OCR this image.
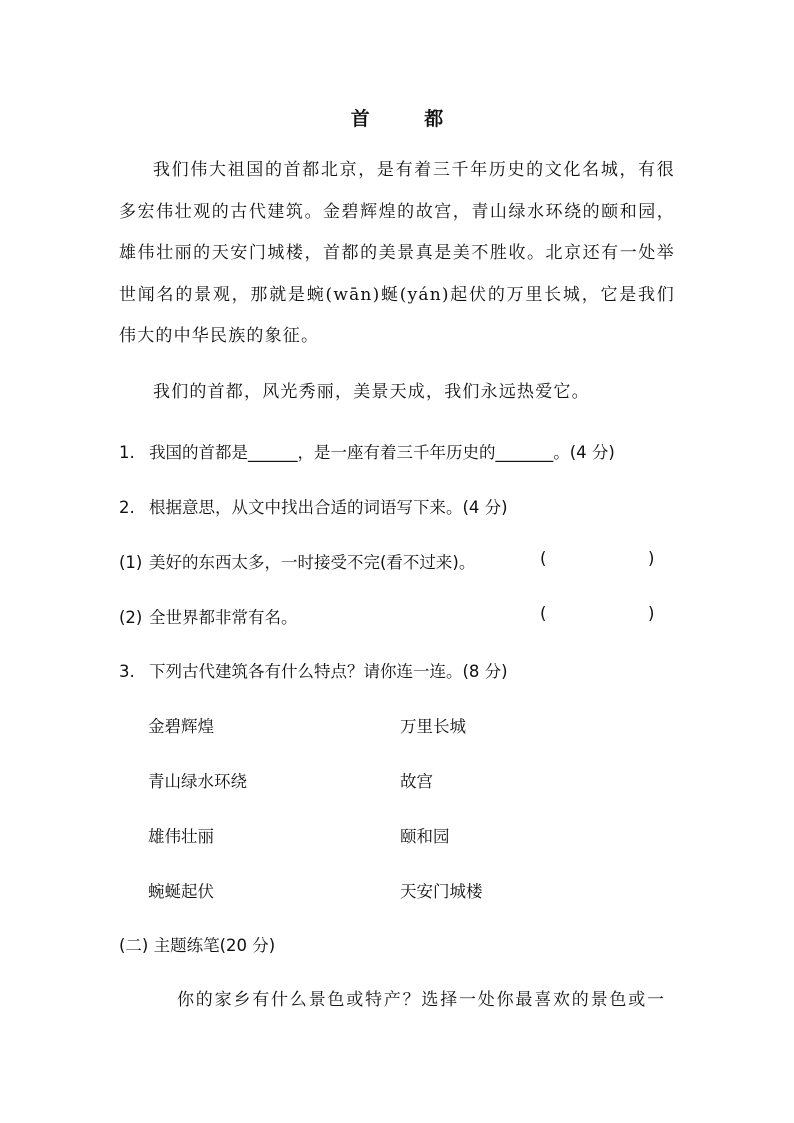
首 都
我们伟大祖国的首都北京，是有着三千年历史的文化名城，有很多宏伟壮观的古代建筑。金碧辉煌的故宫，青山绿水环绕的颐和园，雄伟壮丽的天安门城楼，首都的美景真是美不胜收。北京还有一处举世闻名的景观，那就是蜿(wān)蜒(yán)起伏的万里长城，它是我们伟大的中华民族的象征。
我们的首都，风光秀丽，美景天成，我们永远热爱它。
1. 我国的首都是______，是一座有着三千年历史的_______。(4 分)
2. 根据意思，从文中找出合适的词语写下来。(4 分)
(1) 美好的东西太多，一时接受不完(看不过来)。	(	)
(2) 全世界都非常有名。	(	)
3. 下列古代建筑各有什么特点？请你连一连。(8 分)
金碧辉煌	万里长城
青山绿水环绕	故宫
雄伟壮丽	颐和园
蜿蜒起伏	天安门城楼
(二) 主题练笔(20 分)
你的家乡有什么景色或特产？选择一处你最喜欢的景色或一
